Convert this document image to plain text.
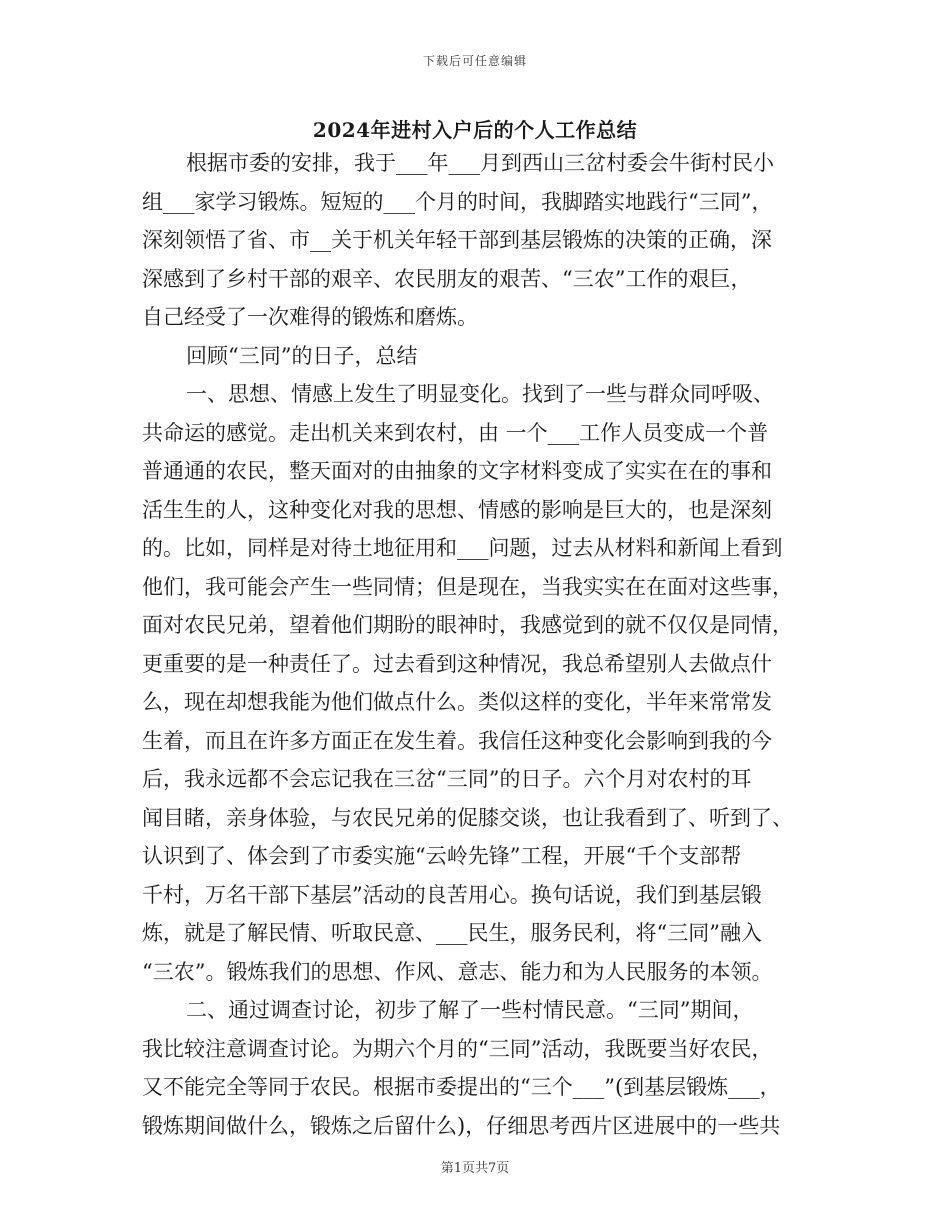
下载后可任意编辑
2024年进村入户后的个人工作总结
根据市委的安排，我于___年___月到西山三岔村委会牛街村民小
组___家学习锻炼。短短的___个月的时间，我脚踏实地践行“三同”，
深刻领悟了省、市__关于机关年轻干部到基层锻炼的决策的正确，深
深感到了乡村干部的艰辛、农民朋友的艰苦、“三农”工作的艰巨，
自己经受了一次难得的锻炼和磨炼。
回顾“三同”的日子，总结
一、思想、情感上发生了明显变化。找到了一些与群众同呼吸、
共命运的感觉。走出机关来到农村，由 一个___工作人员变成一个普
普通通的农民，整天面对的由抽象的文字材料变成了实实在在的事和
活生生的人，这种变化对我的思想、情感的影响是巨大的，也是深刻
的。比如，同样是对待土地征用和___问题，过去从材料和新闻上看到
他们，我可能会产生一些同情；但是现在，当我实实在在面对这些事，
面对农民兄弟，望着他们期盼的眼神时，我感觉到的就不仅仅是同情，
更重要的是一种责任了。过去看到这种情况，我总希望别人去做点什
么，现在却想我能为他们做点什么。类似这样的变化，半年来常常发
生着，而且在许多方面正在发生着。我信任这种变化会影响到我的今
后，我永远都不会忘记我在三岔“三同”的日子。六个月对农村的耳
闻目睹，亲身体验，与农民兄弟的促膝交谈，也让我看到了、听到了、
认识到了、体会到了市委实施“云岭先锋”工程，开展“千个支部帮
千村，万名干部下基层”活动的良苦用心。换句话说，我们到基层锻
炼，就是了解民情、听取民意、___民生，服务民利，将“三同”融入
“三农”。锻炼我们的思想、作风、意志、能力和为人民服务的本领。
二、通过调查讨论，初步了解了一些村情民意。“三同”期间，
我比较注意调查讨论。为期六个月的“三同”活动，我既要当好农民，
又不能完全等同于农民。根据市委提出的“三个___”(到基层锻炼___，
锻炼期间做什么，锻炼之后留什么)，仔细思考西片区进展中的一些共
第1页共7页
